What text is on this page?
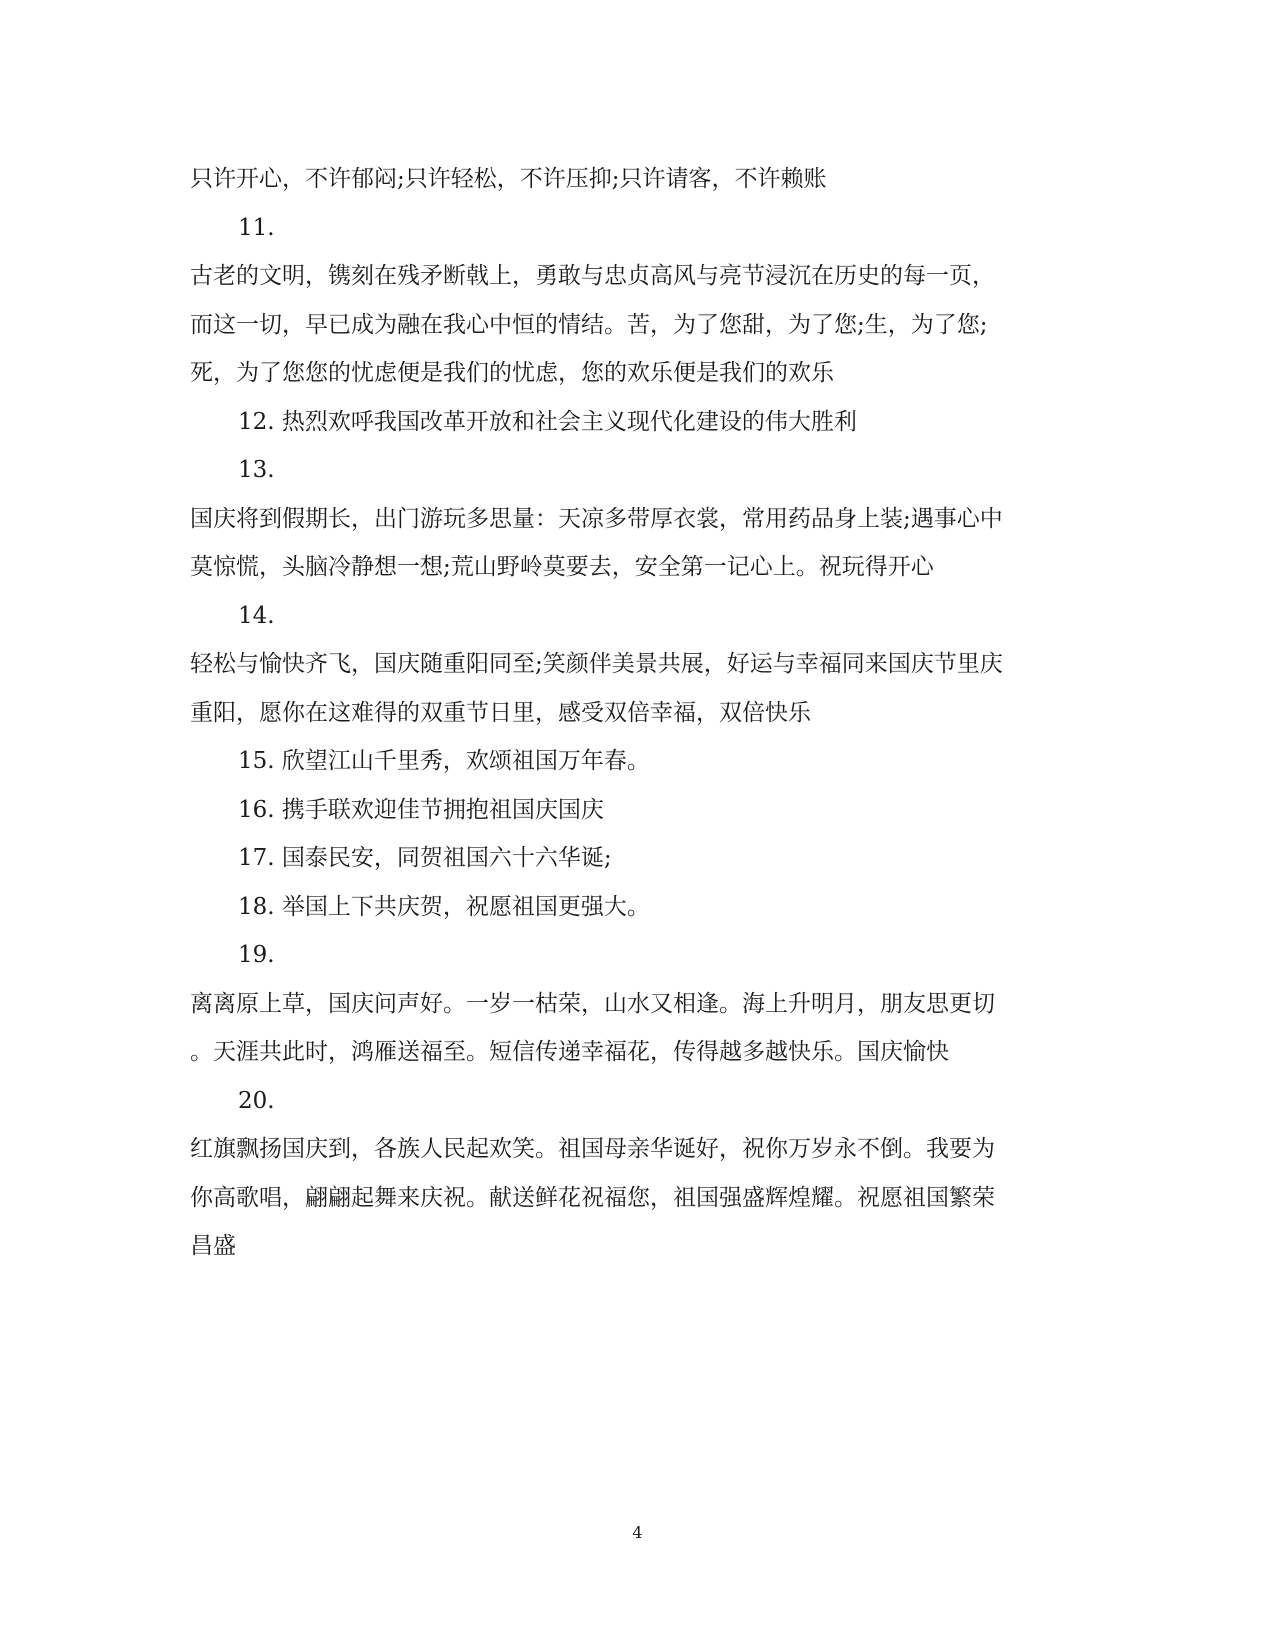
只许开心，不许郁闷;只许轻松，不许压抑;只许请客，不许赖账
11.
古老的文明，镌刻在残矛断戟上，勇敢与忠贞高风与亮节浸沉在历史的每一页，
而这一切，早已成为融在我心中恒的情结。苦，为了您甜，为了您;生，为了您;
死，为了您您的忧虑便是我们的忧虑，您的欢乐便是我们的欢乐
12. 热烈欢呼我国改革开放和社会主义现代化建设的伟大胜利
13.
国庆将到假期长，出门游玩多思量：天凉多带厚衣裳，常用药品身上装;遇事心中
莫惊慌，头脑冷静想一想;荒山野岭莫要去，安全第一记心上。祝玩得开心
14.
轻松与愉快齐飞，国庆随重阳同至;笑颜伴美景共展，好运与幸福同来国庆节里庆
重阳，愿你在这难得的双重节日里，感受双倍幸福，双倍快乐
15. 欣望江山千里秀，欢颂祖国万年春。
16. 携手联欢迎佳节拥抱祖国庆国庆
17. 国泰民安，同贺祖国六十六华诞;
18. 举国上下共庆贺，祝愿祖国更强大。
19.
离离原上草，国庆问声好。一岁一枯荣，山水又相逢。海上升明月，朋友思更切
。天涯共此时，鸿雁送福至。短信传递幸福花，传得越多越快乐。国庆愉快
20.
红旗飘扬国庆到，各族人民起欢笑。祖国母亲华诞好，祝你万岁永不倒。我要为
你高歌唱，翩翩起舞来庆祝。献送鲜花祝福您，祖国强盛辉煌耀。祝愿祖国繁荣
昌盛
4
